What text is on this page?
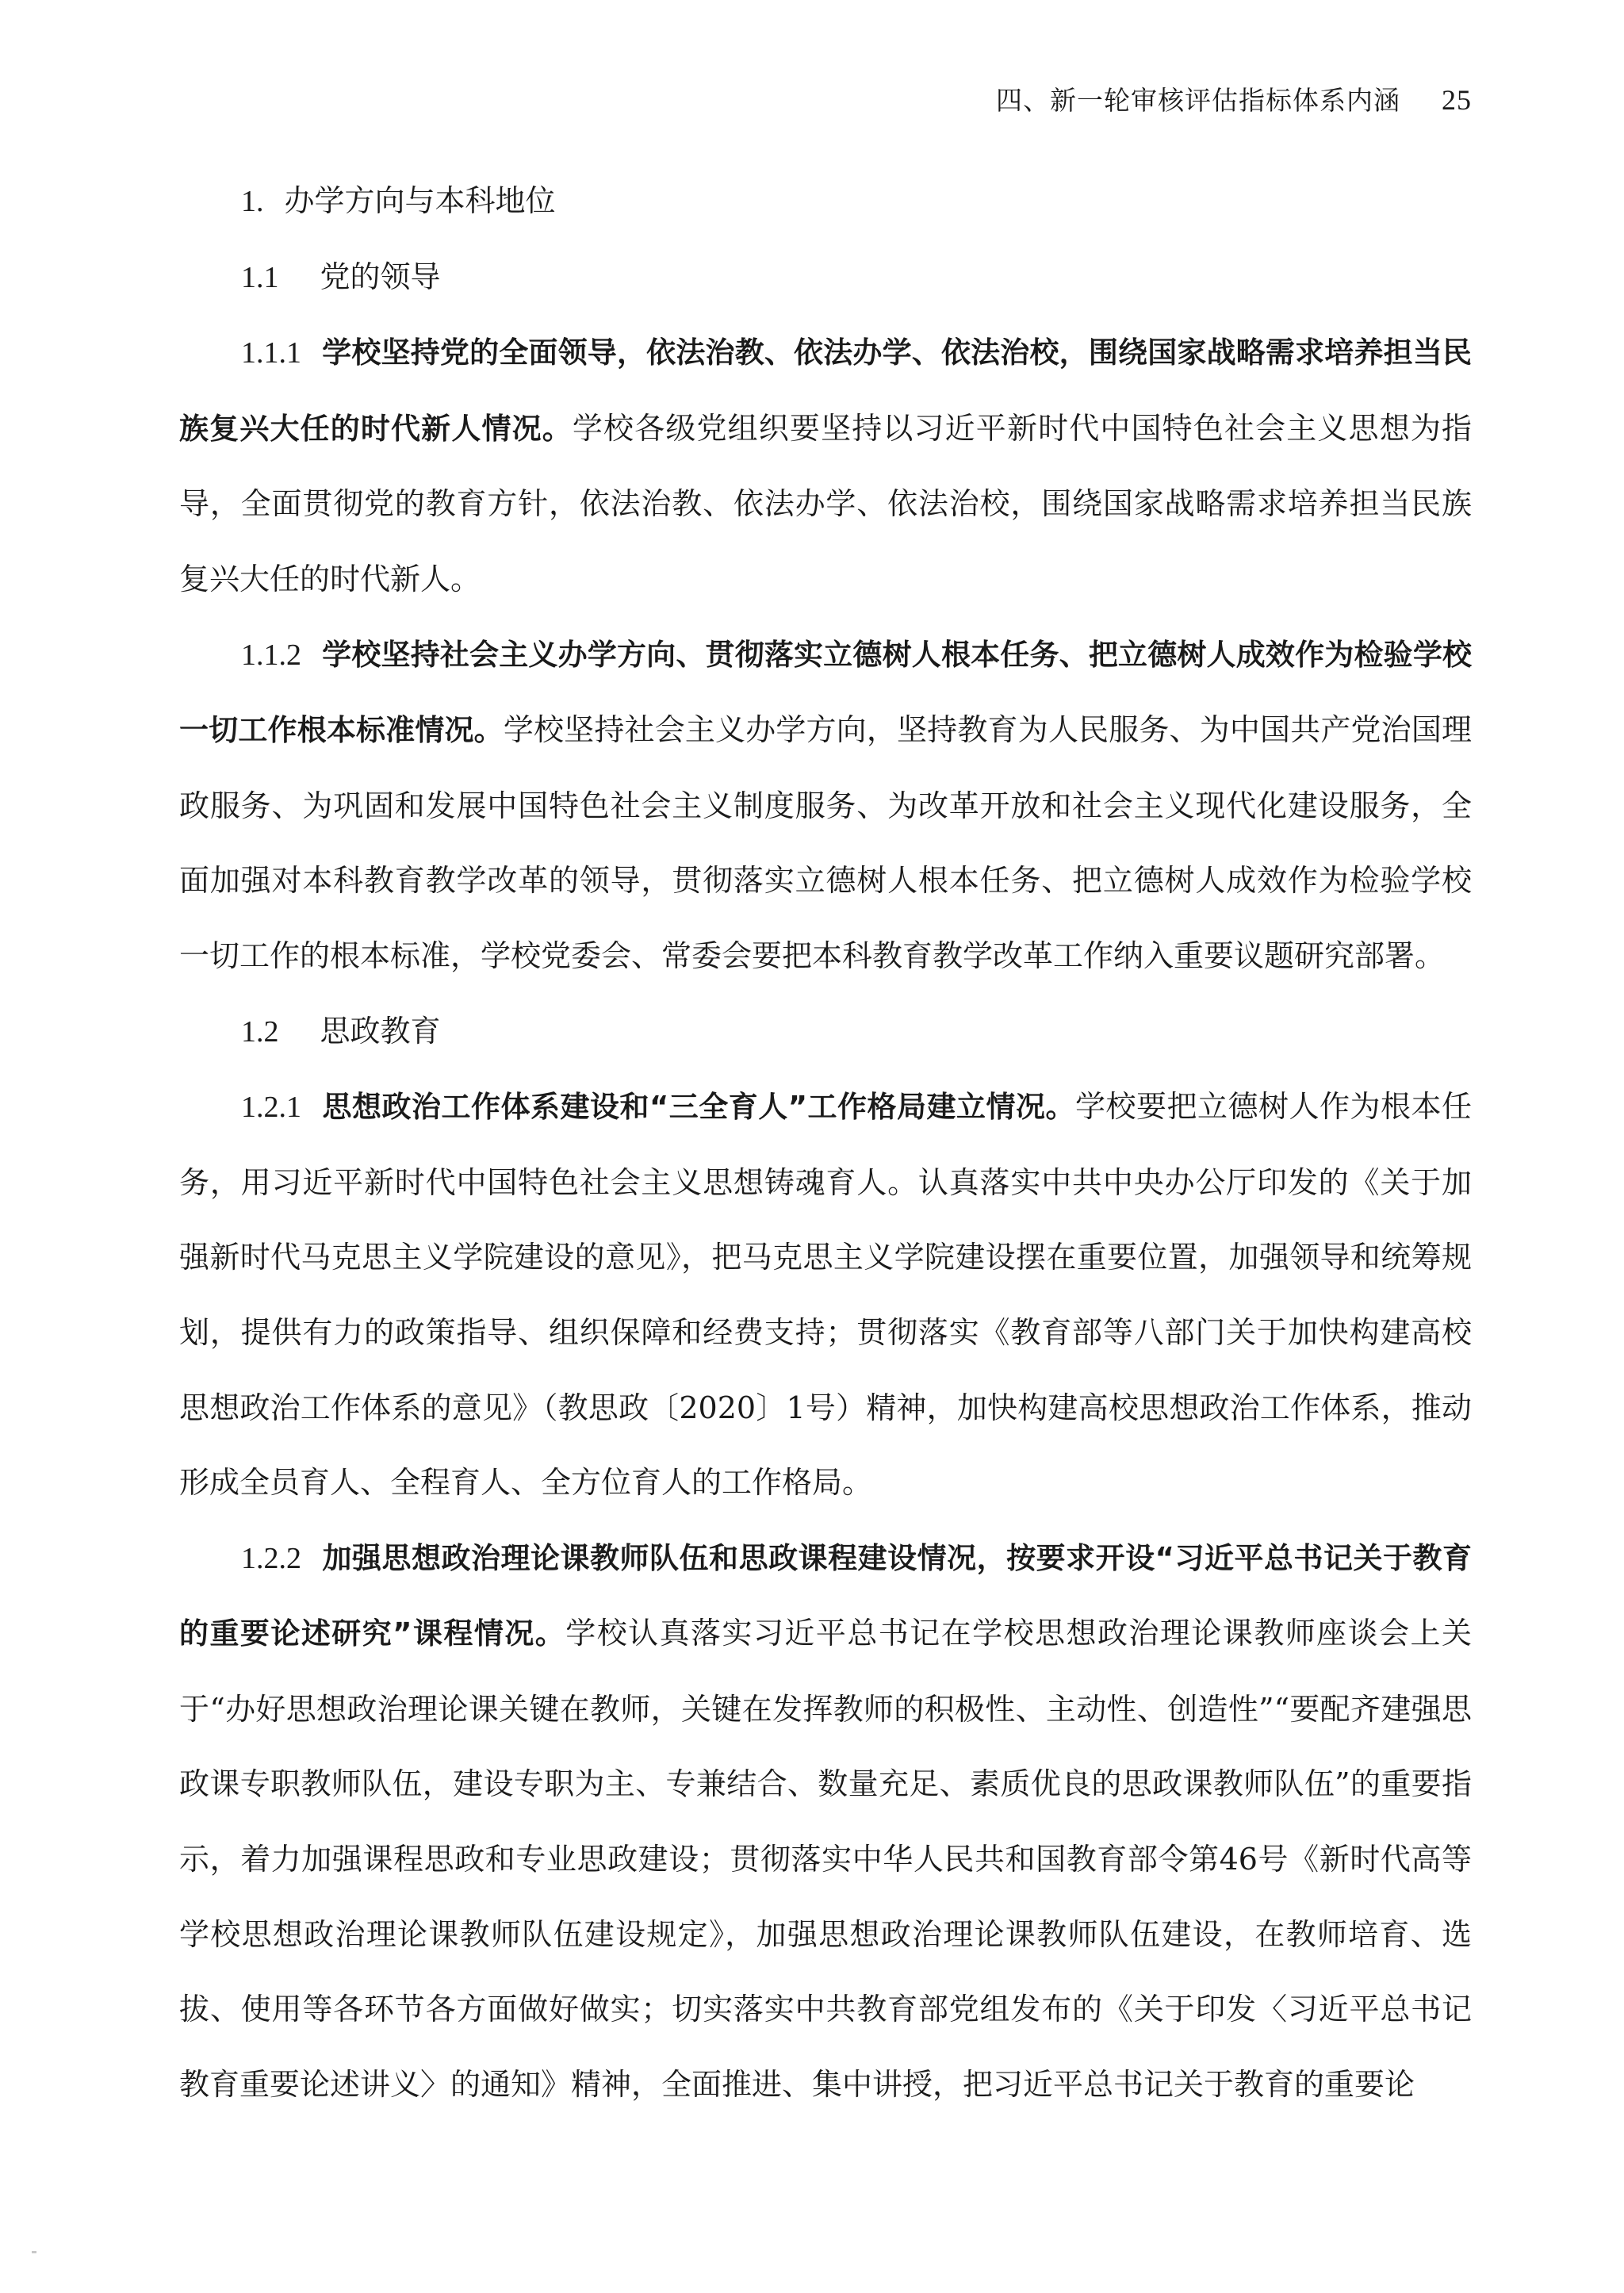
四、新一轮审核评估指标体系内涵 25

1. 办学方向与本科地位

1.1 党的领导

1.1.1 学校坚持党的全面领导，依法治教、依法办学、依法治校，围绕国家战略需求培养担当民族复兴大任的时代新人情况。学校各级党组织要坚持以习近平新时代中国特色社会主义思想为指导，全面贯彻党的教育方针，依法治教、依法办学、依法治校，围绕国家战略需求培养担当民族复兴大任的时代新人。

1.1.2 学校坚持社会主义办学方向、贯彻落实立德树人根本任务、把立德树人成效作为检验学校一切工作根本标准情况。学校坚持社会主义办学方向，坚持教育为人民服务、为中国共产党治国理政服务、为巩固和发展中国特色社会主义制度服务、为改革开放和社会主义现代化建设服务，全面加强对本科教育教学改革的领导，贯彻落实立德树人根本任务、把立德树人成效作为检验学校一切工作的根本标准，学校党委会、常委会要把本科教育教学改革工作纳入重要议题研究部署。

1.2 思政教育

1.2.1 思想政治工作体系建设和“三全育人”工作格局建立情况。学校要把立德树人作为根本任务，用习近平新时代中国特色社会主义思想铸魂育人。认真落实中共中央办公厅印发的《关于加强新时代马克思主义学院建设的意见》，把马克思主义学院建设摆在重要位置，加强领导和统筹规划，提供有力的政策指导、组织保障和经费支持；贯彻落实《教育部等八部门关于加快构建高校思想政治工作体系的意见》（教思政〔2020〕1号）精神，加快构建高校思想政治工作体系，推动形成全员育人、全程育人、全方位育人的工作格局。

1.2.2 加强思想政治理论课教师队伍和思政课程建设情况，按要求开设“习近平总书记关于教育的重要论述研究”课程情况。学校认真落实习近平总书记在学校思想政治理论课教师座谈会上关于“办好思想政治理论课关键在教师，关键在发挥教师的积极性、主动性、创造性”“要配齐建强思政课专职教师队伍，建设专职为主、专兼结合、数量充足、素质优良的思政课教师队伍”的重要指示，着力加强课程思政和专业思政建设；贯彻落实中华人民共和国教育部令第46号《新时代高等学校思想政治理论课教师队伍建设规定》，加强思想政治理论课教师队伍建设，在教师培育、选拔、使用等各环节各方面做好做实；切实落实中共教育部党组发布的《关于印发〈习近平总书记教育重要论述讲义〉的通知》精神，全面推进、集中讲授，把习近平总书记关于教育的重要论
